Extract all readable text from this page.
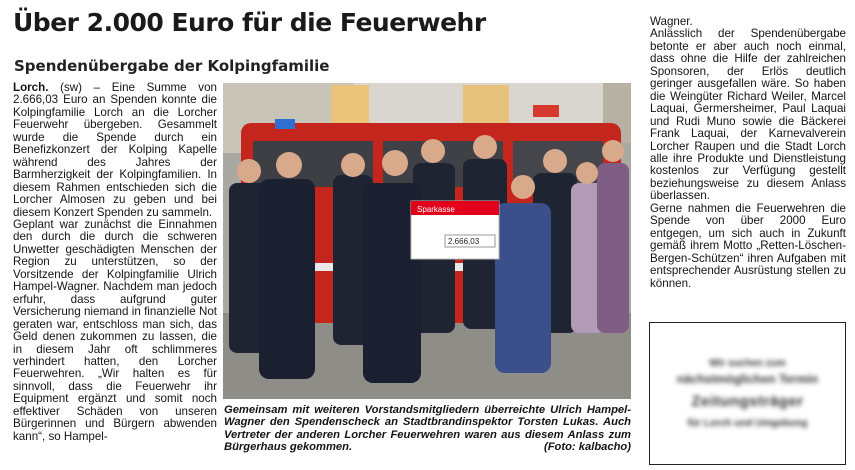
Über 2.000 Euro für die Feuerwehr
Spendenübergabe der Kolpingfamilie

Lorch. (sw) – Eine Summe von 2.666,03 Euro an Spenden konnte die Kolpingfamilie Lorch an die Lorcher Feuerwehr übergeben. Gesammelt wurde die Spende durch ein Benefizkonzert der Kolping Kapelle während des Jahres der Barmherzigkeit der Kolpingfamilien. In diesem Rahmen entschieden sich die Lorcher Almosen zu geben und bei diesem Konzert Spenden zu sammeln.

Geplant war zunächst die Einnahmen den durch die durch die schweren Unwetter geschädigten Menschen der Region zu unterstützen, so der Vorsitzende der Kolpingfamilie Ulrich Hampel-Wagner. Nachdem man jedoch erfuhr, dass aufgrund guter Versicherung niemand in finanzielle Not geraten war, entschloss man sich, das Geld denen zukommen zu lassen, die in diesem Jahr oft schlimmeres verhindert hatten, den Lorcher Feuerwehren. „Wir halten es für sinnvoll, dass die Feuerwehr ihr Equipment ergänzt und somit noch effektiver Schäden von unseren Bürgerinnen und Bürgern abwenden kann“, so Hampel-

Sparkasse
2.666,03
Gemeinsam mit weiteren Vorstandsmitgliedern überreichte Ulrich Hampel-Wagner den Spendenscheck an Stadtbrandinspektor Torsten Lukas. Auch Vertreter der anderen Lorcher Feuerwehren waren aus diesem Anlass zum Bürgerhaus gekommen.	(Foto: kalbacho)

Wagner.

Anlässlich der Spendenübergabe betonte er aber auch noch einmal, dass ohne die Hilfe der zahlreichen Sponsoren, der Erlös deutlich geringer ausgefallen wäre. So haben die Weingüter Richard Weiler, Marcel Laquai, Germersheimer, Paul Laquai und Rudi Muno sowie die Bäckerei Frank Laquai, der Karnevalverein Lorcher Raupen und die Stadt Lorch alle ihre Produkte und Dienstleistung kostenlos zur Verfügung gestellt beziehungsweise zu diesem Anlass überlassen.

Gerne nahmen die Feuerwehren die Spende von über 2000 Euro entgegen, um sich auch in Zukunft gemäß ihrem Motto „Retten-Löschen-Bergen-Schützen“ ihren Aufgaben mit entsprechender Ausrüstung stellen zu können.

Wir suchen zum
nächstmöglichen Termin
Zeitungsträger
für Lorch und Umgebung
